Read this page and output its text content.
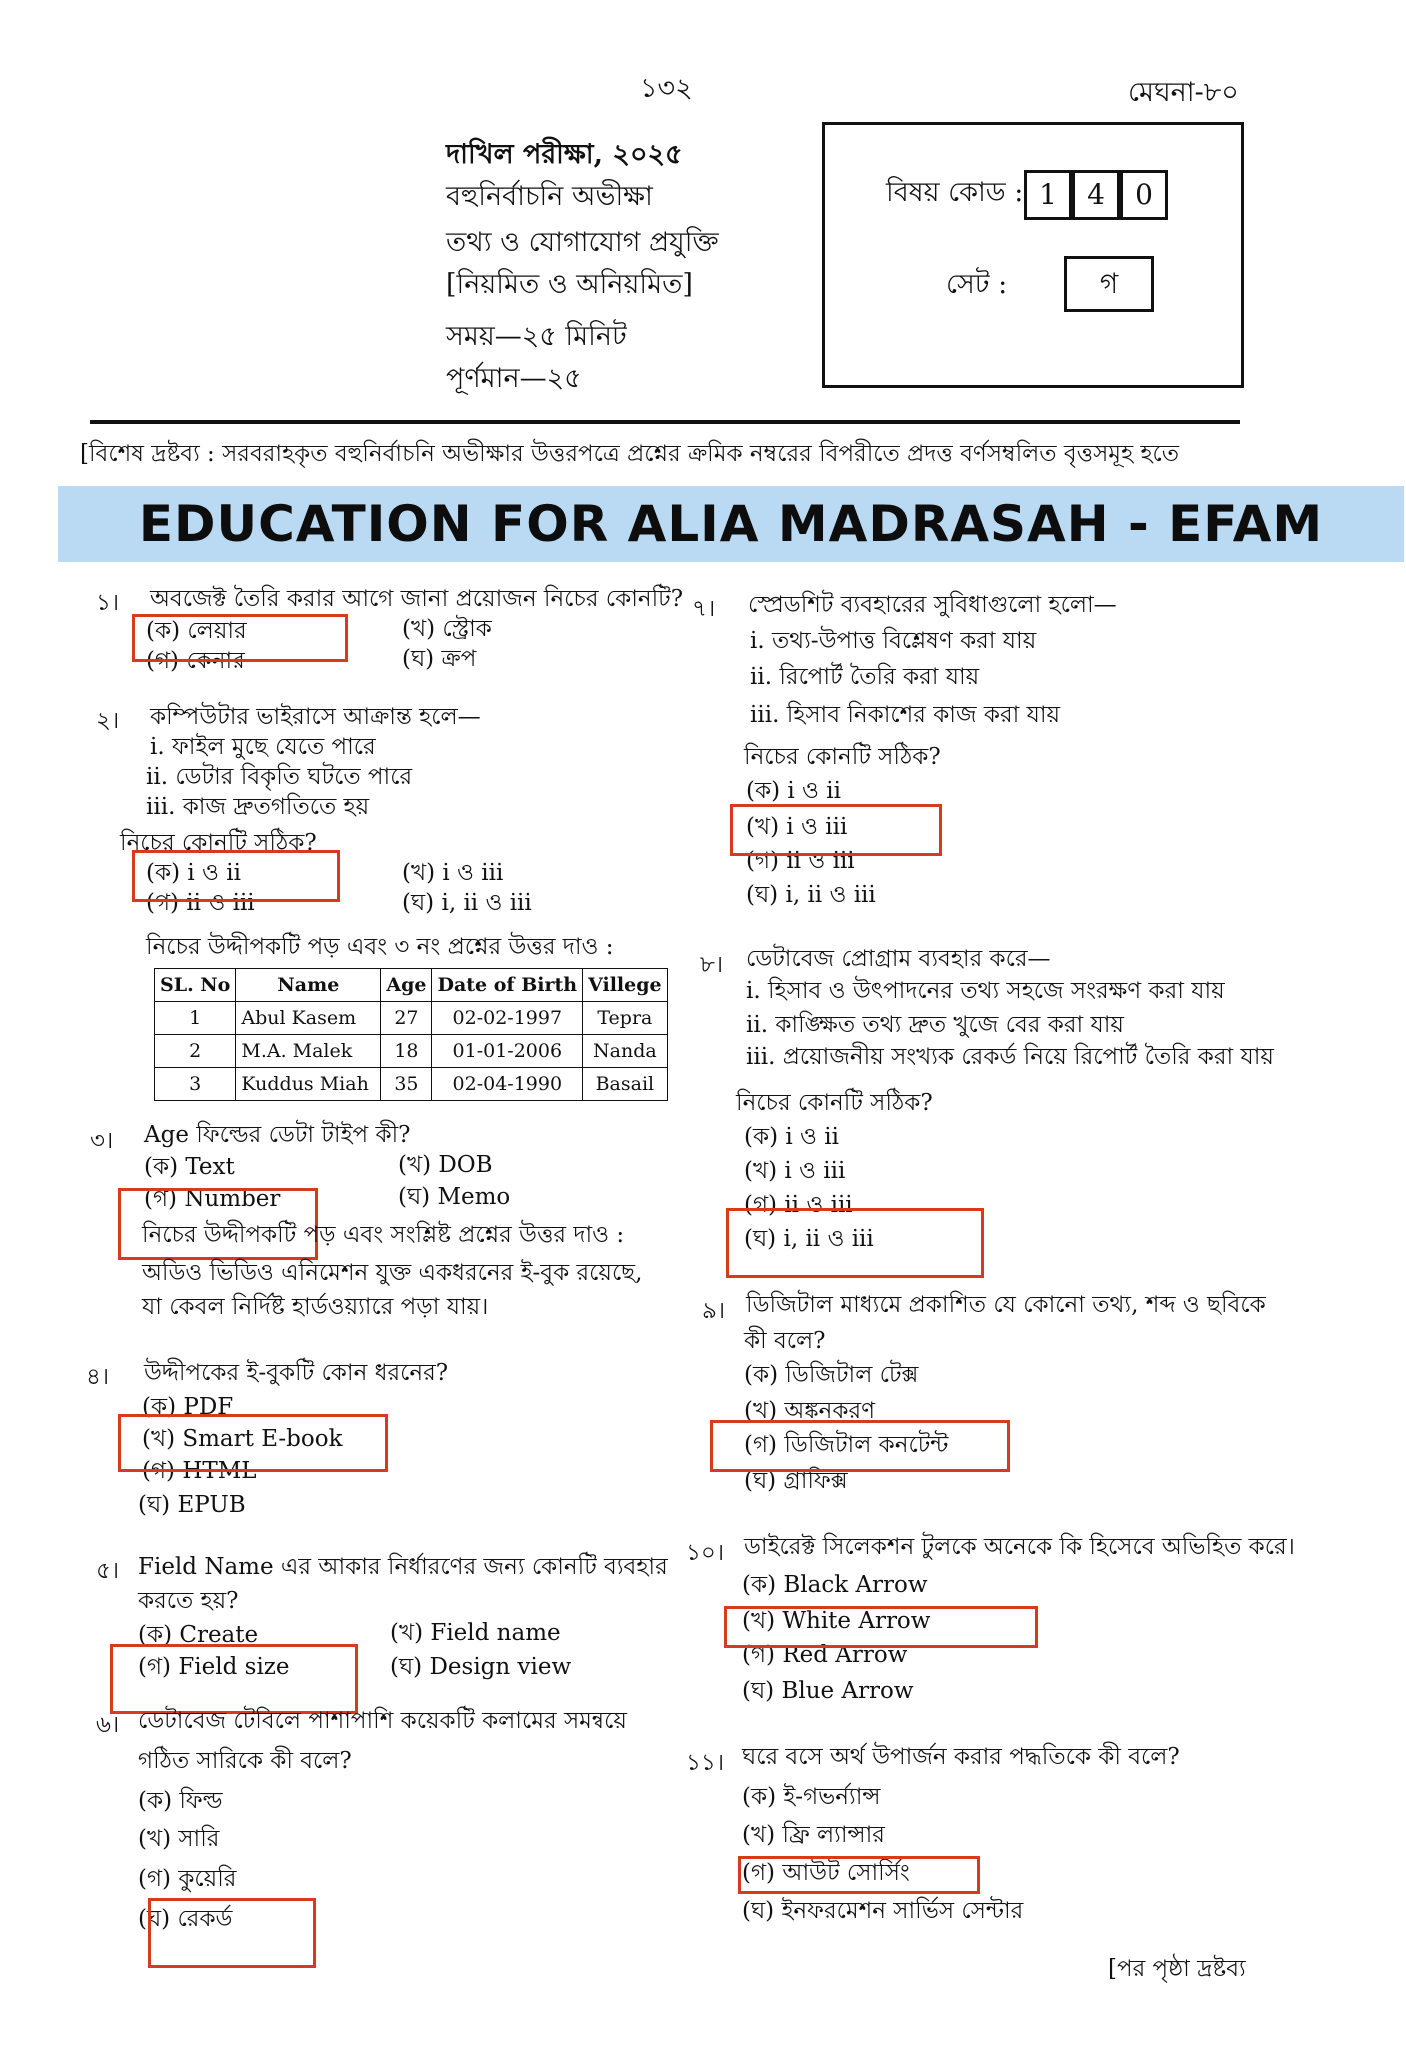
১৩২	মেঘনা-৮০
দাখিল পরীক্ষা, ২০২৫
বহুনির্বাচনি অভীক্ষা
তথ্য ও যোগাযোগ প্রযুক্তি
[নিয়মিত ও অনিয়মিত]
সময়—২৫ মিনিট
পূর্ণমান—২৫
বিষয় কোড : 1	4	0
সেট :	গ
[বিশেষ দ্রষ্টব্য : সরবরাহকৃত বহুনির্বাচনি অভীক্ষার উত্তরপত্রে প্রশ্নের ক্রমিক নম্বরের বিপরীতে প্রদত্ত বর্ণসম্বলিত বৃত্তসমূহ হতে
EDUCATION FOR ALIA MADRASAH - EFAM
১। অবজেক্ট তৈরি করার আগে জানা প্রয়োজন নিচের কোনটি?
(ক) লেয়ার	(খ) স্ট্রোক
(গ) কেনার	(ঘ) ক্রপ
২। কম্পিউটার ভাইরাসে আক্রান্ত হলে—
i. ফাইল মুছে যেতে পারে
ii. ডেটার বিকৃতি ঘটতে পারে
iii. কাজ দ্রুতগতিতে হয়
নিচের কোনটি সঠিক?
(ক) i ও ii	(খ) i ও iii
(গ) ii ও iii	(ঘ) i, ii ও iii
নিচের উদ্দীপকটি পড় এবং ৩ নং প্রশ্নের উত্তর দাও :
SL. No	Name	Age	Date of Birth	Villege
1	Abul Kasem	27	02-02-1997	Tepra
2	M.A. Malek	18	01-01-2006	Nanda
3	Kuddus Miah	35	02-04-1990	Basail
৩। Age ফিল্ডের ডেটা টাইপ কী?
(ক) Text	(খ) DOB
(গ) Number	(ঘ) Memo
নিচের উদ্দীপকটি পড় এবং সংশ্লিষ্ট প্রশ্নের উত্তর দাও :
অডিও ভিডিও এনিমেশন যুক্ত একধরনের ই-বুক রয়েছে,
যা কেবল নির্দিষ্ট হার্ডওয়্যারে পড়া যায়।
৪। উদ্দীপকের ই-বুকটি কোন ধরনের?
(ক) PDF
(খ) Smart E-book
(গ) HTML
(ঘ) EPUB
৫। Field Name এর আকার নির্ধারণের জন্য কোনটি ব্যবহার
করতে হয়?
(ক) Create	(খ) Field name
(গ) Field size	(ঘ) Design view
৬। ডেটাবেজ টেবিলে পাশাপাশি কয়েকটি কলামের সমন্বয়ে
গঠিত সারিকে কী বলে?
(ক) ফিল্ড
(খ) সারি
(গ) কুয়েরি
(ঘ) রেকর্ড
৭। স্প্রেডশিট ব্যবহারের সুবিধাগুলো হলো—
i. তথ্য-উপাত্ত বিশ্লেষণ করা যায়
ii. রিপোর্ট তৈরি করা যায়
iii. হিসাব নিকাশের কাজ করা যায়
নিচের কোনটি সঠিক?
(ক) i ও ii
(খ) i ও iii
(গ) ii ও iii
(ঘ) i, ii ও iii
৮। ডেটাবেজ প্রোগ্রাম ব্যবহার করে—
i. হিসাব ও উৎপাদনের তথ্য সহজে সংরক্ষণ করা যায়
ii. কাঙ্ক্ষিত তথ্য দ্রুত খুজে বের করা যায়
iii. প্রয়োজনীয় সংখ্যক রেকর্ড নিয়ে রিপোর্ট তৈরি করা যায়
নিচের কোনটি সঠিক?
(ক) i ও ii
(খ) i ও iii
(গ) ii ও iii
(ঘ) i, ii ও iii
৯। ডিজিটাল মাধ্যমে প্রকাশিত যে কোনো তথ্য, শব্দ ও ছবিকে
কী বলে?
(ক) ডিজিটাল টেক্স
(খ) অঙ্কনকরণ
(গ) ডিজিটাল কনটেন্ট
(ঘ) গ্রাফিক্স
১০। ডাইরেক্ট সিলেকশন টুলকে অনেকে কি হিসেবে অভিহিত করে।
(ক) Black Arrow
(খ) White Arrow
(গ) Red Arrow
(ঘ) Blue Arrow
১১। ঘরে বসে অর্থ উপার্জন করার পদ্ধতিকে কী বলে?
(ক) ই-গভর্ন্যান্স
(খ) ফ্রি ল্যান্সার
(গ) আউট সোর্সিং
(ঘ) ইনফরমেশন সার্ভিস সেন্টার
[পর পৃষ্ঠা দ্রষ্টব্য
